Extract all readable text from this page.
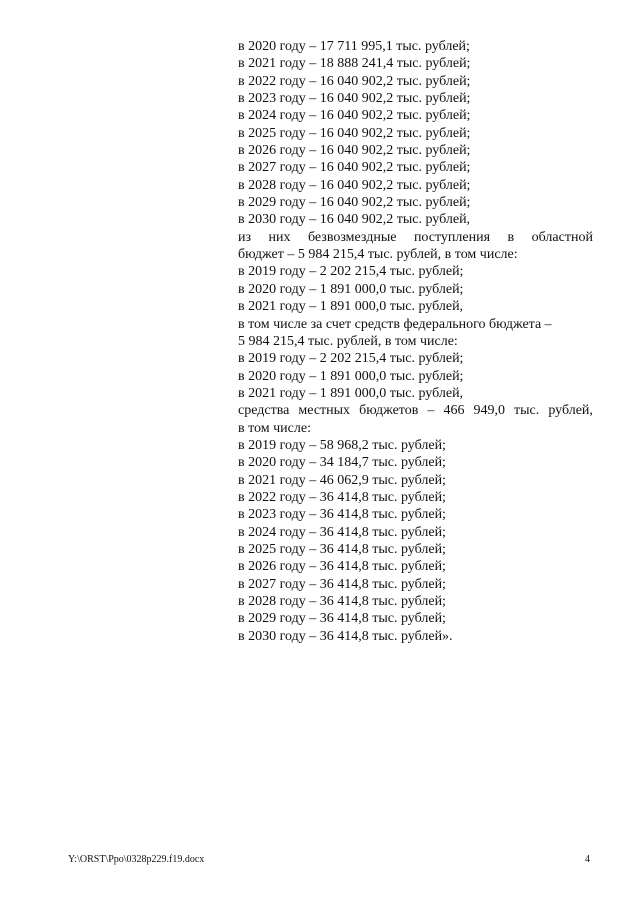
в 2020 году – 17 711 995,1 тыс. рублей;
в 2021 году – 18 888 241,4 тыс. рублей;
в 2022 году – 16 040 902,2 тыс. рублей;
в 2023 году – 16 040 902,2 тыс. рублей;
в 2024 году – 16 040 902,2 тыс. рублей;
в 2025 году – 16 040 902,2 тыс. рублей;
в 2026 году – 16 040 902,2 тыс. рублей;
в 2027 году – 16 040 902,2 тыс. рублей;
в 2028 году – 16 040 902,2 тыс. рублей;
в 2029 году – 16 040 902,2 тыс. рублей;
в 2030 году – 16 040 902,2 тыс. рублей,
из них безвозмездные поступления в областной
бюджет – 5 984 215,4 тыс. рублей, в том числе:
в 2019 году – 2 202 215,4 тыс. рублей;
в 2020 году – 1 891 000,0 тыс. рублей;
в 2021 году – 1 891 000,0 тыс. рублей,
в том числе за счет средств федерального бюджета –
5 984 215,4 тыс. рублей, в том числе:
в 2019 году – 2 202 215,4 тыс. рублей;
в 2020 году – 1 891 000,0 тыс. рублей;
в 2021 году – 1 891 000,0 тыс. рублей,
средства местных бюджетов – 466 949,0 тыс. рублей,
в том числе:
в 2019 году – 58 968,2 тыс. рублей;
в 2020 году – 34 184,7 тыс. рублей;
в 2021 году – 46 062,9 тыс. рублей;
в 2022 году – 36 414,8 тыс. рублей;
в 2023 году – 36 414,8 тыс. рублей;
в 2024 году – 36 414,8 тыс. рублей;
в 2025 году – 36 414,8 тыс. рублей;
в 2026 году – 36 414,8 тыс. рублей;
в 2027 году – 36 414,8 тыс. рублей;
в 2028 году – 36 414,8 тыс. рублей;
в 2029 году – 36 414,8 тыс. рублей;
в 2030 году – 36 414,8 тыс. рублей».
Y:\ORST\Ppo\0328p229.f19.docx	4
